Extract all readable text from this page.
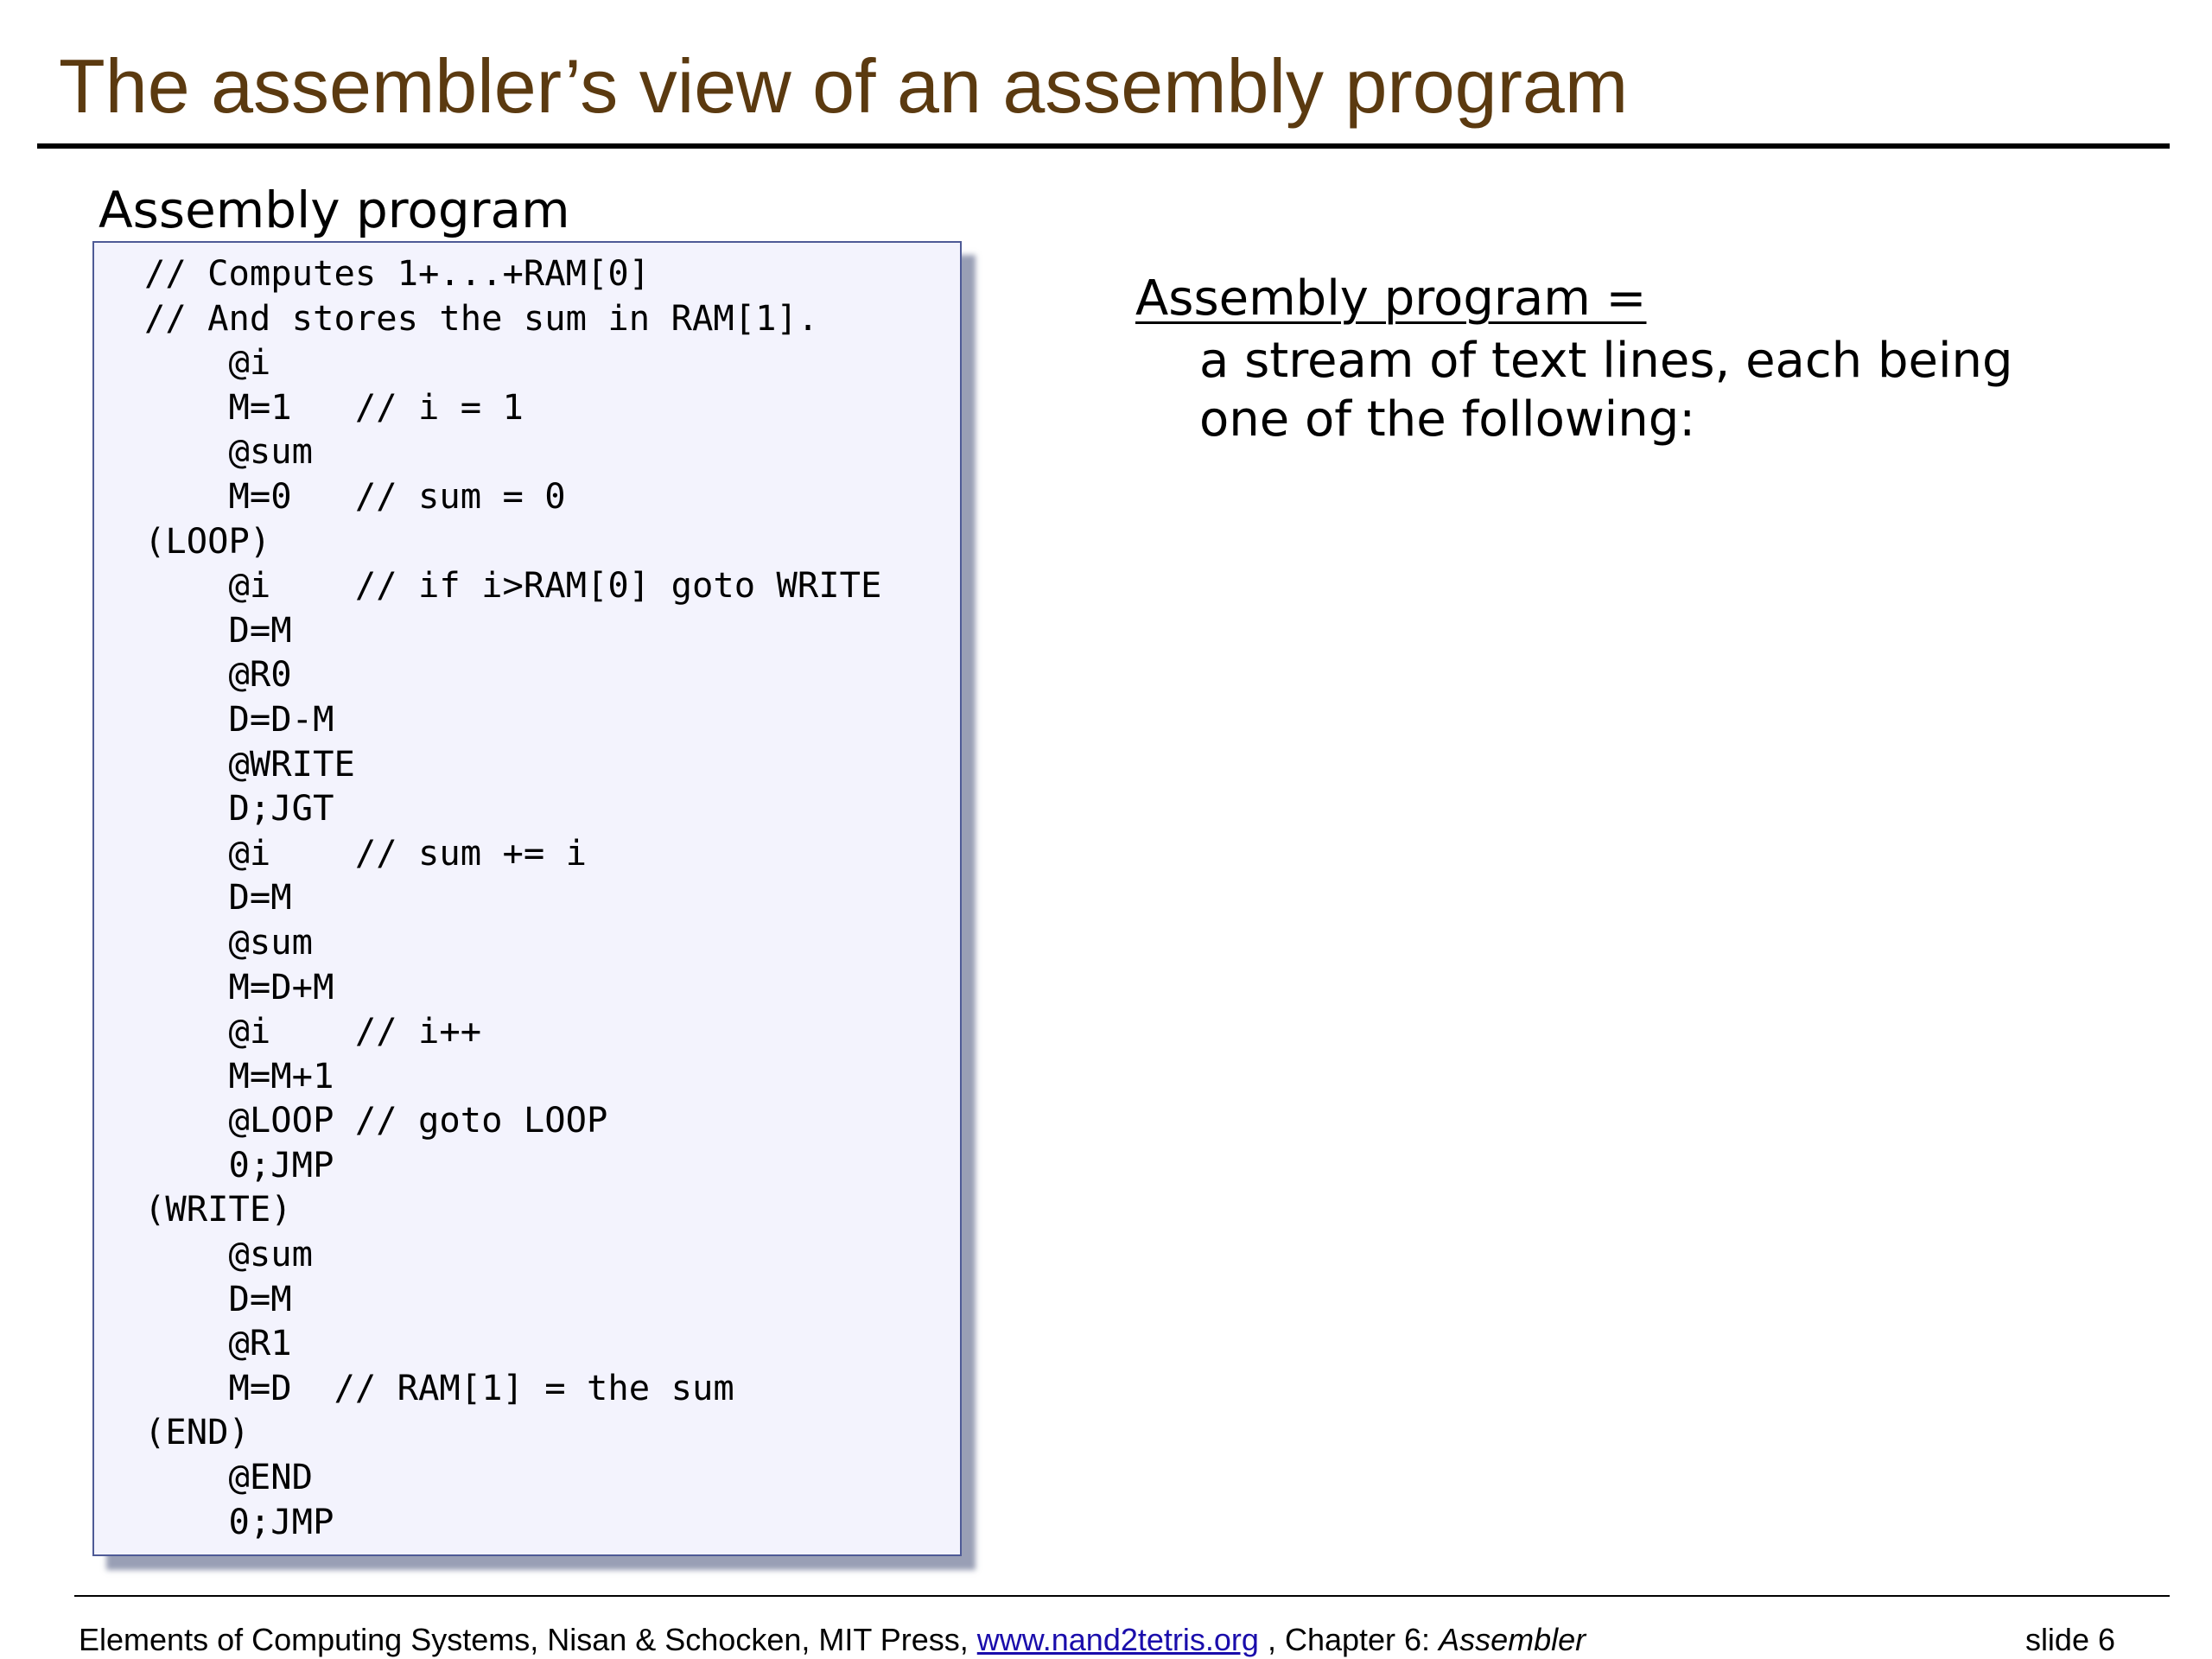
The assembler’s view of an assembly program
Assembly program
// Computes 1+...+RAM[0]
// And stores the sum in RAM[1].
@i
M=1   // i = 1
@sum
M=0   // sum = 0
(LOOP)
@i    // if i>RAM[0] goto WRITE
D=M
@R0
D=D-M
@WRITE
D;JGT
@i    // sum += i
D=M
@sum
M=D+M
@i    // i++
M=M+1
@LOOP // goto LOOP
0;JMP
(WRITE)
@sum
D=M
@R1
M=D  // RAM[1] = the sum
(END)
@END
0;JMP
Assembly program =
a stream of text lines, each being
one of the following:
Elements of Computing Systems, Nisan & Schocken, MIT Press, www.nand2tetris.org , Chapter 6: Assembler	slide 6
